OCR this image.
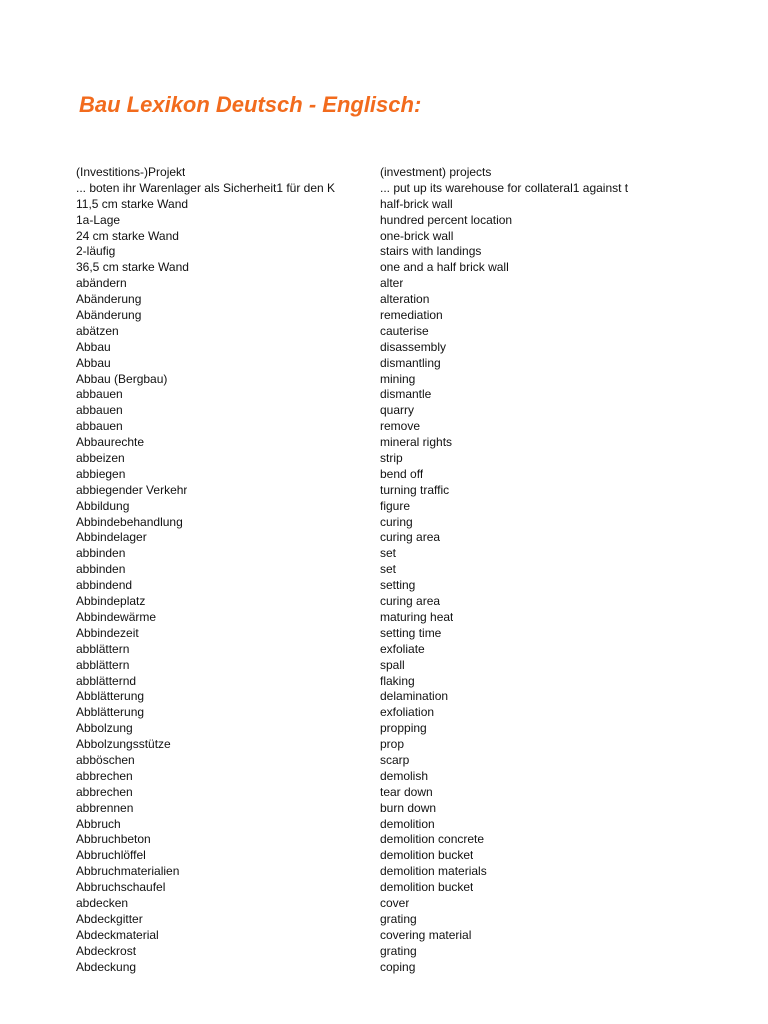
Bau Lexikon Deutsch - Englisch:
(Investitions-)Projekt	(investment) projects
... boten ihr Warenlager als Sicherheit1 für den K	... put up its warehouse for collateral1 against t
11,5 cm starke Wand	half-brick wall
1a-Lage	hundred percent location
24 cm starke Wand	one-brick wall
2-läufig	stairs with landings
36,5 cm starke Wand	one and a half brick wall
abändern	alter
Abänderung	alteration
Abänderung	remediation
abätzen	cauterise
Abbau	disassembly
Abbau	dismantling
Abbau (Bergbau)	mining
abbauen	dismantle
abbauen	quarry
abbauen	remove
Abbaurechte	mineral rights
abbeizen	strip
abbiegen	bend off
abbiegender Verkehr	turning traffic
Abbildung	figure
Abbindebehandlung	curing
Abbindelager	curing area
abbinden	set
abbinden	set
abbindend	setting
Abbindeplatz	curing area
Abbindewärme	maturing heat
Abbindezeit	setting time
abblättern	exfoliate
abblättern	spall
abblätternd	flaking
Abblätterung	delamination
Abblätterung	exfoliation
Abbolzung	propping
Abbolzungsstütze	prop
abböschen	scarp
abbrechen	demolish
abbrechen	tear down
abbrennen	burn down
Abbruch	demolition
Abbruchbeton	demolition concrete
Abbruchlöffel	demolition bucket
Abbruchmaterialien	demolition materials
Abbruchschaufel	demolition bucket
abdecken	cover
Abdeckgitter	grating
Abdeckmaterial	covering material
Abdeckrost	grating
Abdeckung	coping
